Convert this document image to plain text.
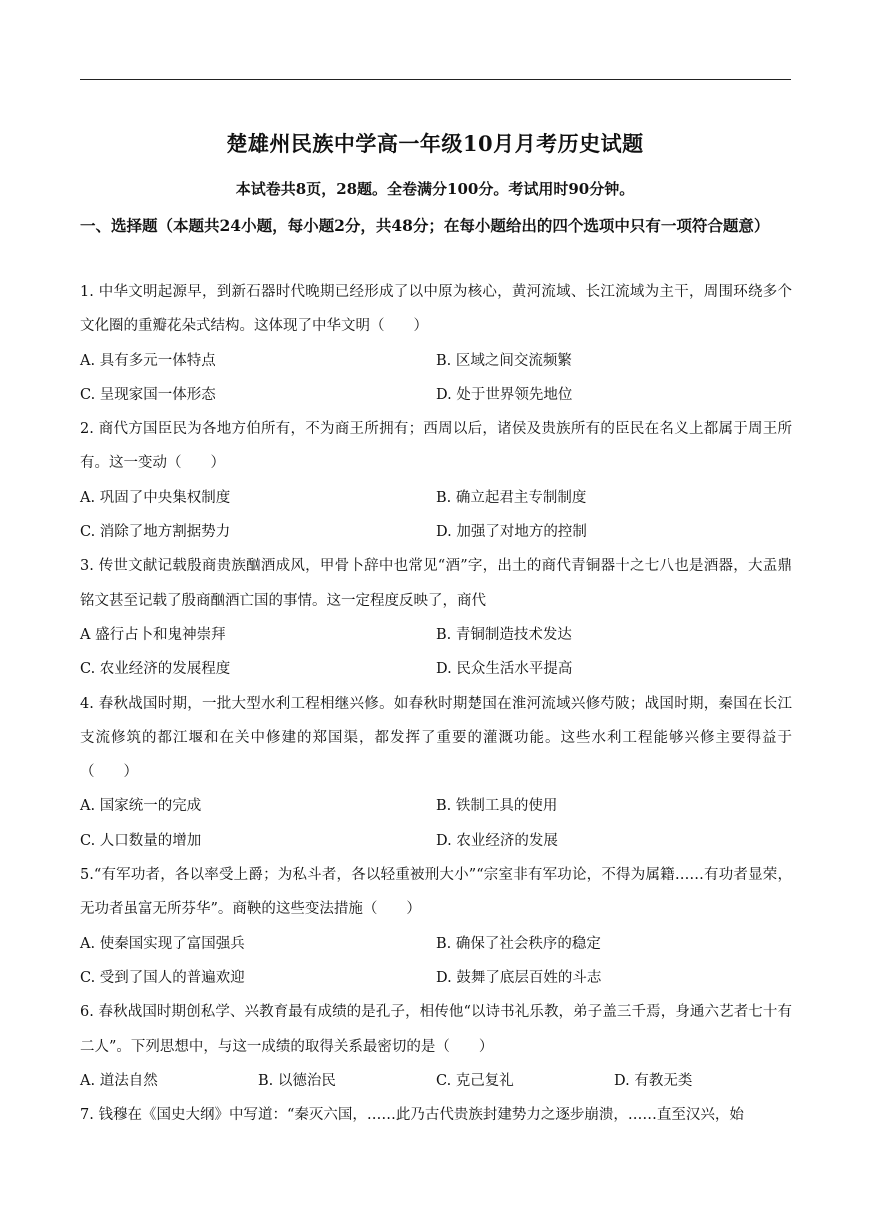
楚雄州民族中学高一年级10月月考历史试题
本试卷共8页，28题。全卷满分100分。考试用时90分钟。
一、选择题（本题共24小题，每小题2分，共48分；在每小题给出的四个选项中只有一项符合题意）
1. 中华文明起源早，到新石器时代晚期已经形成了以中原为核心，黄河流域、长江流域为主干，周围环绕多个文化圈的重瓣花朵式结构。这体现了中华文明（　　）
A. 具有多元一体特点	B. 区域之间交流频繁
C. 呈现家国一体形态	D. 处于世界领先地位
2. 商代方国臣民为各地方伯所有，不为商王所拥有；西周以后，诸侯及贵族所有的臣民在名义上都属于周王所有。这一变动（　　）
A. 巩固了中央集权制度	B. 确立起君主专制制度
C. 消除了地方割据势力	D. 加强了对地方的控制
3. 传世文献记载殷商贵族酗酒成风，甲骨卜辞中也常见“酒”字，出土的商代青铜器十之七八也是酒器，大盂鼎铭文甚至记载了殷商酗酒亡国的事情。这一定程度反映了，商代
A 盛行占卜和鬼神崇拜	B. 青铜制造技术发达
C. 农业经济的发展程度	D. 民众生活水平提高
4. 春秋战国时期，一批大型水利工程相继兴修。如春秋时期楚国在淮河流域兴修芍陂；战国时期，秦国在长江支流修筑的都江堰和在关中修建的郑国渠，都发挥了重要的灌溉功能。这些水利工程能够兴修主要得益于（　　）
A. 国家统一的完成	B. 铁制工具的使用
C. 人口数量的增加	D. 农业经济的发展
5.“有军功者，各以率受上爵；为私斗者，各以轻重被刑大小”“宗室非有军功论，不得为属籍……有功者显荣，无功者虽富无所芬华”。商鞅的这些变法措施（　　）
A. 使秦国实现了富国强兵	B. 确保了社会秩序的稳定
C. 受到了国人的普遍欢迎	D. 鼓舞了底层百姓的斗志
6. 春秋战国时期创私学、兴教育最有成绩的是孔子，相传他“以诗书礼乐教，弟子盖三千焉，身通六艺者七十有二人”。下列思想中，与这一成绩的取得关系最密切的是（　　）
A. 道法自然	B. 以德治民	C. 克己复礼	D. 有教无类
7. 钱穆在《国史大纲》中写道：“秦灭六国，……此乃古代贵族封建势力之逐步崩溃，……直至汉兴，始
